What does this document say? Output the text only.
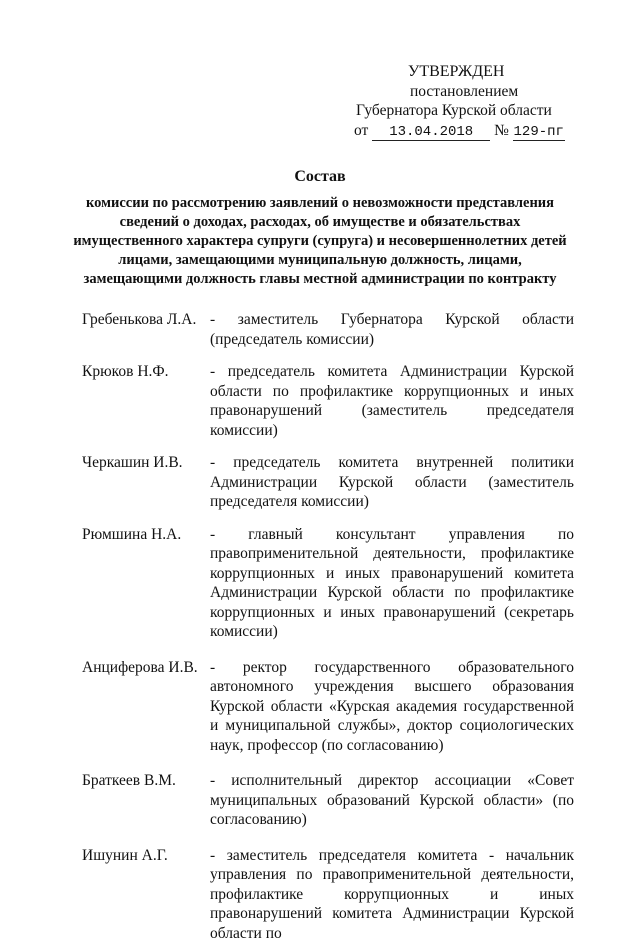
УТВЕРЖДЕН
постановлением
Губернатора Курской области
от 13.04.2018 № 129-пг
Состав
комиссии по рассмотрению заявлений о невозможности представления сведений о доходах, расходах, об имуществе и обязательствах имущественного характера супруги (супруга) и несовершеннолетних детей лицами, замещающими муниципальную должность, лицами, замещающими должность главы местной администрации по контракту
Гребенькова Л.А. - заместитель Губернатора Курской области (председатель комиссии)
Крюков Н.Ф.	- председатель комитета Администрации Курской области по профилактике коррупционных и иных правонарушений (заместитель председателя комиссии)
Черкашин И.В.	- председатель комитета внутренней политики Администрации Курской области (заместитель председателя комиссии)
Рюмшина Н.А.	- главный консультант управления по правоприменительной деятельности, профилактике коррупционных и иных правонарушений комитета Администрации Курской области по профилактике коррупционных и иных правонарушений (секретарь комиссии)
Анциферова И.В. - ректор государственного образовательного автономного учреждения высшего образования Курской области «Курская академия государственной и муниципальной службы», доктор социологических наук, профессор (по согласованию)
Браткеев В.М.	- исполнительный директор ассоциации «Совет муниципальных образований Курской области» (по согласованию)
Ишунин А.Г.	- заместитель председателя комитета - начальник управления по правоприменительной деятельности, профилактике коррупционных и иных правонарушений комитета Администрации Курской области по
